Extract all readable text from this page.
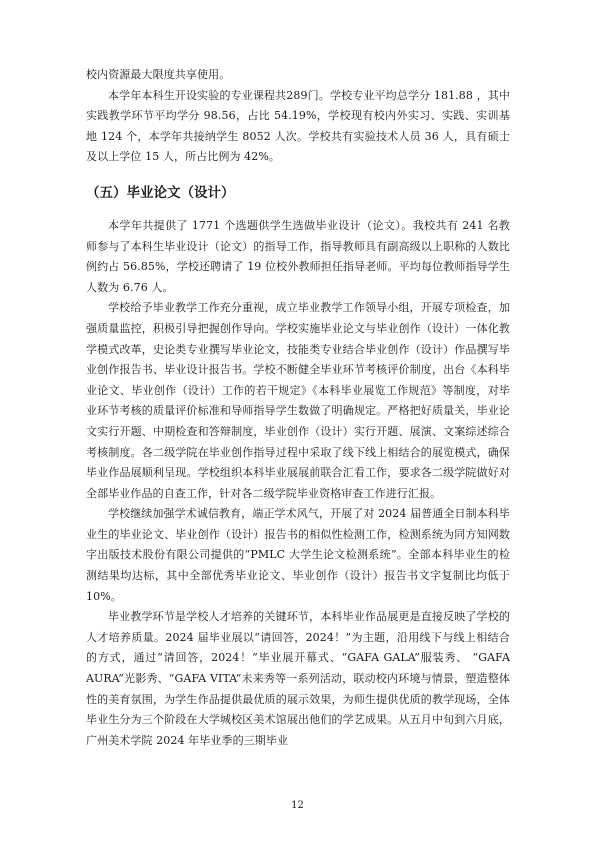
校内资源最大限度共享使用。

本学年本科生开设实验的专业课程共289门。学校专业平均总学分 181.88 ，其中实践教学环节平均学分 98.56，占比 54.19%，学校现有校内外实习、实践、实训基地 124 个，本学年共接纳学生 8052 人次。学校共有实验技术人员 36 人，具有硕士及以上学位 15 人，所占比例为 42%。

（五）毕业论文（设计）

本学年共提供了 1771 个选题供学生选做毕业设计（论文）。我校共有 241 名教师参与了本科生毕业设计（论文）的指导工作，指导教师具有副高级以上职称的人数比例约占 56.85%，学校还聘请了 19 位校外教师担任指导老师。平均每位教师指导学生人数为 6.76 人。

学校给予毕业教学工作充分重视，成立毕业教学工作领导小组，开展专项检查，加强质量监控，积极引导把握创作导向。学校实施毕业论文与毕业创作（设计）一体化教学模式改革，史论类专业撰写毕业论文，技能类专业结合毕业创作（设计）作品撰写毕业创作报告书、毕业设计报告书。学校不断健全毕业环节考核评价制度，出台《本科毕业论文、毕业创作（设计）工作的若干规定》《本科毕业展览工作规范》等制度，对毕业环节考核的质量评价标准和导师指导学生数做了明确规定。严格把好质量关，毕业论文实行开题、中期检查和答辩制度，毕业创作（设计）实行开题、展演、文案综述综合考核制度。各二级学院在毕业创作指导过程中采取了线下线上相结合的展览模式，确保毕业作品展顺利呈现。学校组织本科毕业展展前联合汇看工作，要求各二级学院做好对全部毕业作品的自查工作，针对各二级学院毕业资格审查工作进行汇报。

学校继续加强学术诚信教育，端正学术风气，开展了对 2024 届普通全日制本科毕业生的毕业论文、毕业创作（设计）报告书的相似性检测工作，检测系统为同方知网数字出版技术股份有限公司提供的“PMLC 大学生论文检测系统”。全部本科毕业生的检测结果均达标，其中全部优秀毕业论文、毕业创作（设计）报告书文字复制比均低于 10%。

毕业教学环节是学校人才培养的关键环节，本科毕业作品展更是直接反映了学校的人才培养质量。2024 届毕业展以“请回答，2024！”为主题，沿用线下与线上相结合的方式，通过“请回答，2024！”毕业展开幕式、“GAFA GALA”服装秀、 “GAFA AURA”光影秀、“GAFA VITA”未来秀等一系列活动，联动校内环境与情景，塑造整体性的美育氛围，为学生作品提供最优质的展示效果，为师生提供优质的教学现场，全体毕业生分为三个阶段在大学城校区美术馆展出他们的学艺成果。从五月中旬到六月底，广州美术学院 2024 年毕业季的三期毕业

12
